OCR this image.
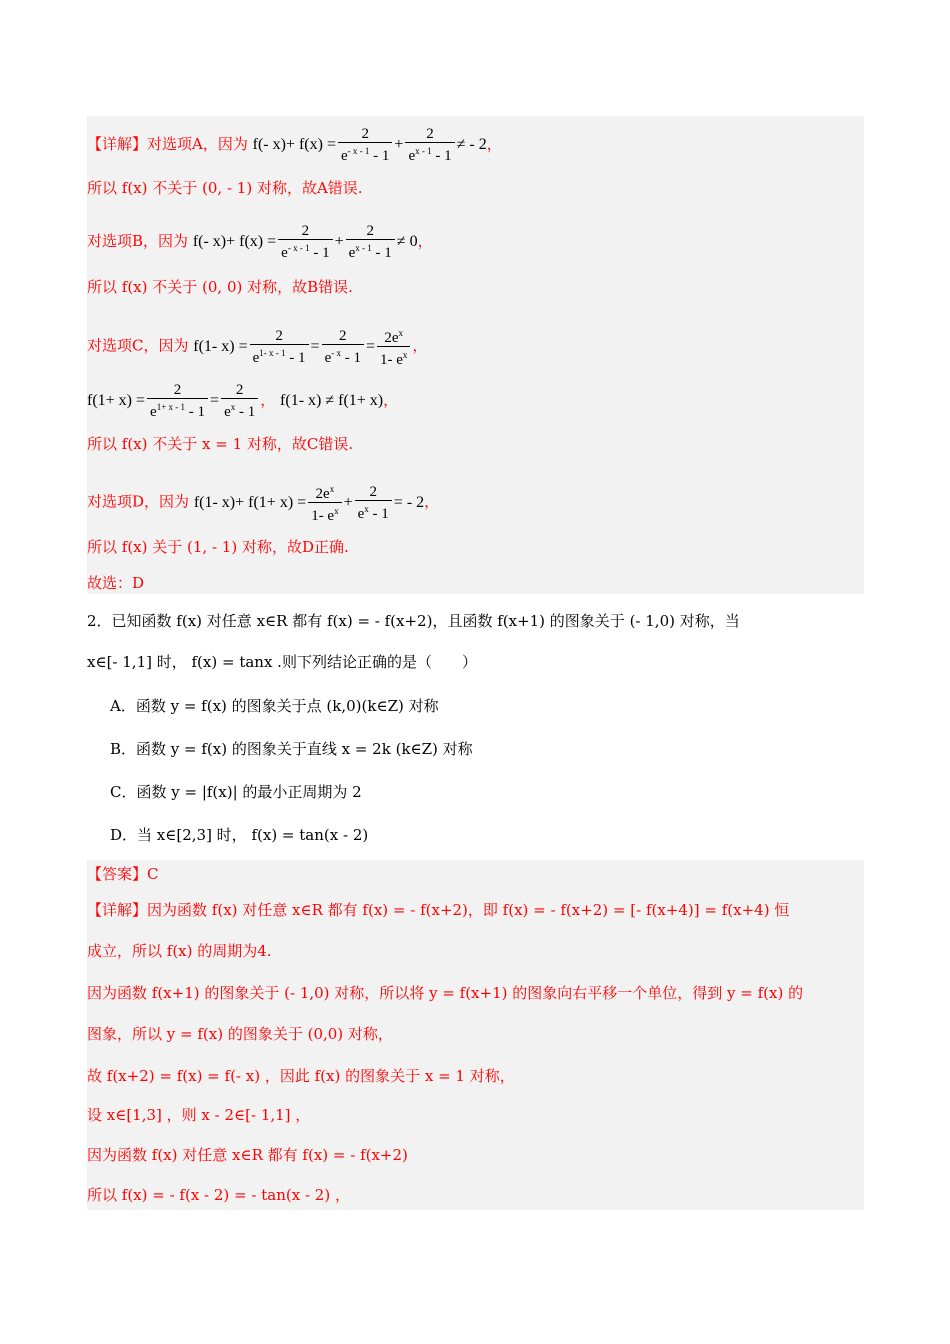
【详解】对选项A，因为 f(- $x)+ f(x) = \frac{2}{e^{- x - 1} - 1} + \frac{2}{e^{x - 1} - 1}$ ≠ - 2，
所以 f(x) 不关于 (0, - 1) 对称，故A错误.
对选项B，因为 f(- $x)+ f(x) = \frac{2}{e^{- x - 1} - 1} + \frac{2}{e^{x - 1} - 1} \ne 0$，
所以 f(x) 不关于 (0, 0) 对称，故B错误.
对选项C，因为 f(1- $x) = \frac{2}{e^{1- x - 1} - 1} = \frac{2}{e^{- x} - 1} = \frac{2e^x}{1- e^x}$ ，
$f(1+ x) = \frac{2}{e^{1+ x - 1} - 1} = \frac{2}{e^x - 1}$ ， f(1- x) ≠ f(1+ x)，
所以 f(x) 不关于 x = 1 对称，故C错误.
对选项D，因为 f(1- $x)+ f(1+ x) = \frac{2e^x}{1- e^x} + \frac{2}{e^x - 1}$ = - 2，
所以 f(x) 关于 (1, - 1) 对称，故D正确.
故选：D
2．已知函数 f(x) 对任意 x∈R 都有 f(x) = - f(x+2)，且函数 f(x+1) 的图象关于 (- 1,0) 对称，当
x∈[- 1,1] 时， f(x) = tanx .则下列结论正确的是（　　）
A．函数 y = f(x) 的图象关于点 (k,0)(k∈Z) 对称
B．函数 y = f(x) 的图象关于直线 x = 2k (k∈Z) 对称
C．函数 y = |f(x)| 的最小正周期为 2
D．当 x∈[2,3] 时， f(x) = tan(x - 2)
【答案】C
【详解】因为函数 f(x) 对任意 x∈R 都有 f(x) = - f(x+2)，即 f(x) = - f(x+2) = [- f(x+4)] = f(x+4) 恒
成立，所以 f(x) 的周期为4.
因为函数 f(x+1) 的图象关于 (- 1,0) 对称，所以将 y = f(x+1) 的图象向右平移一个单位，得到 y = f(x) 的
图象，所以 y = f(x) 的图象关于 (0,0) 对称，
故 f(x+2) = f(x) = f(- x) ，因此 f(x) 的图象关于 x = 1 对称，
设 x∈[1,3] ，则 x - 2∈[- 1,1] ，
因为函数 f(x) 对任意 x∈R 都有 f(x) = - f(x+2)
所以 f(x) = - f(x - 2) = - tan(x - 2) ，
